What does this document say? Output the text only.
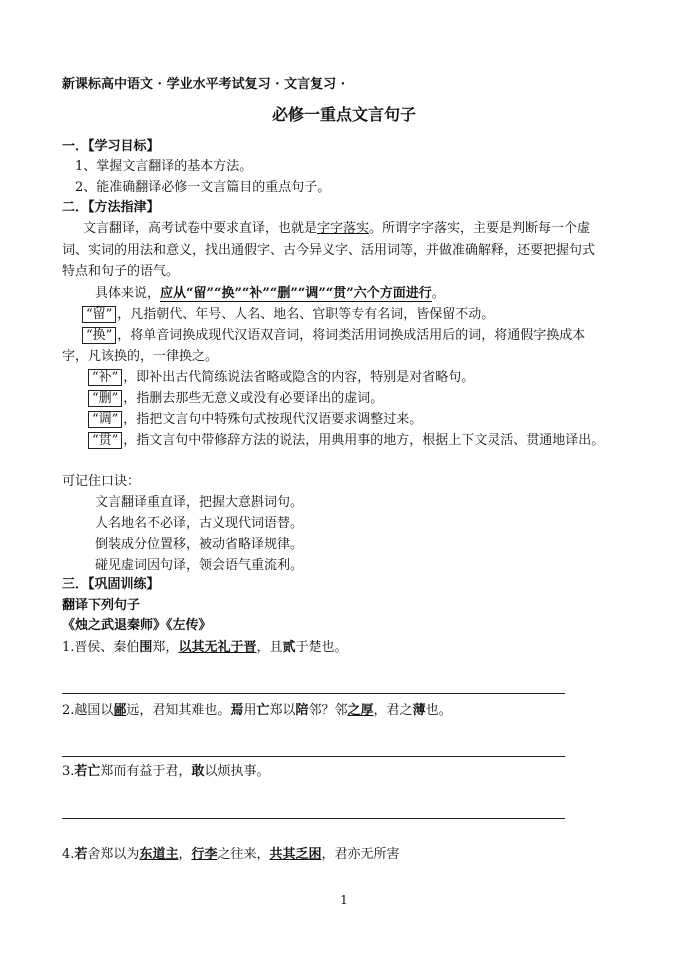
新课标高中语文 · 学业水平考试复习 · 文言复习 ·
必修一重点文言句子
一．【学习目标】
1、掌握文言翻译的基本方法。
2、能准确翻译必修一文言篇目的重点句子。
二．【方法指津】
文言翻译，高考试卷中要求直译，也就是字字落实。所谓字字落实，主要是判断每一个虚
词、实词的用法和意义，找出通假字、古今异义字、活用词等，并做准确解释，还要把握句式
特点和句子的语气。
具体来说，应从“留”“换”“补”“删”“调”“贯”六个方面进行。
“留” ，凡指朝代、年号、人名、地名、官职等专有名词，皆保留不动。
“换” ，将单音词换成现代汉语双音词，将词类活用词换成活用后的词，将通假字换成本
字，凡该换的，一律换之。
“补” ，即补出古代简练说法省略或隐含的内容，特别是对省略句。
“删” ，指删去那些无意义或没有必要译出的虚词。
“调” ，指把文言句中特殊句式按现代汉语要求调整过来。
“贯” ，指文言句中带修辞方法的说法，用典用事的地方，根据上下文灵活、贯通地译出。
可记住口诀：
文言翻译重直译，把握大意斟词句。
人名地名不必译，古义现代词语替。
倒装成分位置移，被动省略译规律。
碰见虚词因句译，领会语气重流利。
三．【巩固训练】
翻译下列句子
《烛之武退秦师》《左传》
1.晋侯、秦伯围郑，以其无礼于晋，且贰于楚也。
2.越国以鄙远，君知其难也。焉用亡郑以陪邻？邻之厚，君之薄也。
3.若亡郑而有益于君，敢以烦执事。
4.若舍郑以为东道主，行李之往来，共其乏困，君亦无所害
1
